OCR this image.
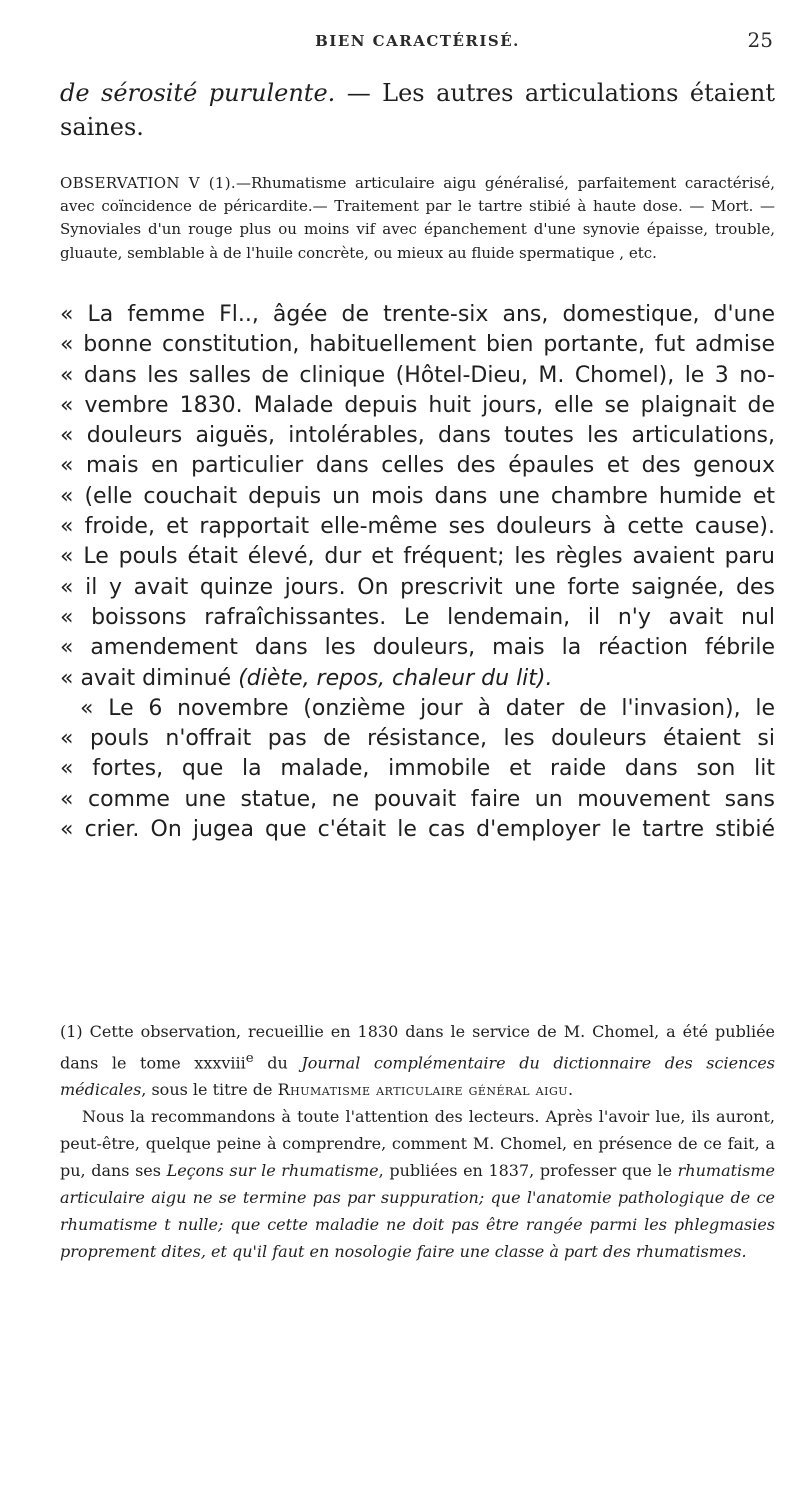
BIEN CARACTÉRISÉ.	25
de sérosité purulente. — Les autres articulations étaient saines.
OBSERVATION V (1).—Rhumatisme articulaire aigu généralisé, parfaitement caractérisé, avec coïncidence de péricardite.— Traitement par le tartre stibié à haute dose. — Mort. —Synoviales d'un rouge plus ou moins vif avec épanchement d'une synovie épaisse, trouble, gluaute, semblable à de l'huile concrète, ou mieux au fluide spermatique , etc.
« La femme Fl.., âgée de trente-six ans, domestique, d'une
« bonne constitution, habituellement bien portante, fut admise
« dans les salles de clinique (Hôtel-Dieu, M. Chomel), le 3 no-
« vembre 1830. Malade depuis huit jours, elle se plaignait de
« douleurs aiguës, intolérables, dans toutes les articulations,
« mais en particulier dans celles des épaules et des genoux
« (elle couchait depuis un mois dans une chambre humide et
« froide, et rapportait elle-même ses douleurs à cette cause).
« Le pouls était élevé, dur et fréquent; les règles avaient paru
« il y avait quinze jours. On prescrivit une forte saignée, des
« boissons rafraîchissantes. Le lendemain, il n'y avait nul
« amendement dans les douleurs, mais la réaction fébrile
« avait diminué (diète, repos, chaleur du lit).
« Le 6 novembre (onzième jour à dater de l'invasion), le
« pouls n'offrait pas de résistance, les douleurs étaient si
« fortes, que la malade, immobile et raide dans son lit
« comme une statue, ne pouvait faire un mouvement sans
« crier. On jugea que c'était le cas d'employer le tartre stibié

(1) Cette observation, recueillie en 1830 dans le service de M. Chomel, a été publiée dans le tome xxxviii$^e$ du Journal complémentaire du dictionnaire des sciences médicales, sous le titre de Rhumatisme articulaire général aigu.

Nous la recommandons à toute l'attention des lecteurs. Après l'avoir lue, ils auront, peut-être, quelque peine à comprendre, comment M. Chomel, en présence de ce fait, a pu, dans ses Leçons sur le rhumatisme, publiées en 1837, professer que le rhumatisme articulaire aigu ne se termine pas par suppuration; que l'anatomie pathologique de ce rhumatisme t nulle; que cette maladie ne doit pas être rangée parmi les phlegmasies proprement dites, et qu'il faut en nosologie faire une classe à part des rhumatismes.
